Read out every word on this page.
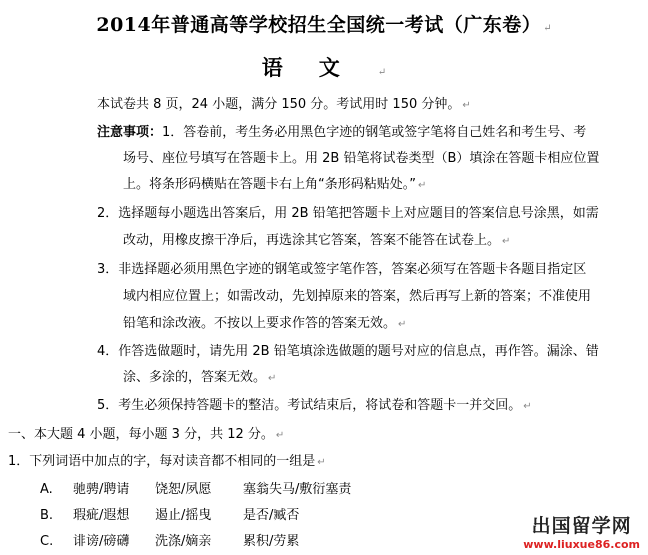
2014年普通高等学校招生全国统一考试（广东卷） ↵
语文 ↵
本试卷共 8 页，24 小题，满分 150 分。考试用时 150 分钟。 ↵
注意事项：1．答卷前，考生务必用黑色字迹的钢笔或签字笔将自己姓名和考生号、考
场号、座位号填写在答题卡上。用 2B 铅笔将试卷类型（B）填涂在答题卡相应位置
上。将条形码横贴在答题卡右上角“条形码粘贴处。” ↵
2．选择题每小题选出答案后，用 2B 铅笔把答题卡上对应题目的答案信息号涂黑，如需
改动，用橡皮擦干净后，再选涂其它答案，答案不能答在试卷上。 ↵
3．非选择题必须用黑色字迹的钢笔或签字笔作答，答案必须写在答题卡各题目指定区
域内相应位置上；如需改动，先划掉原来的答案，然后再写上新的答案；不准使用
铅笔和涂改液。不按以上要求作答的答案无效。 ↵
4．作答选做题时，请先用 2B 铅笔填涂选做题的题号对应的信息点，再作答。漏涂、错
涂、多涂的，答案无效。 ↵
5．考生必须保持答题卡的整洁。考试结束后，将试卷和答题卡一并交回。 ↵
一、本大题 4 小题，每小题 3 分，共 12 分。 ↵
1．下列词语中加点的字，每对读音都不相同的一组是 ↵
A. 驰骋/聘请 饶恕/夙愿 塞翁失马/敷衍塞责
B. 瑕疵/遐想 遏止/摇曳 是否/臧否
C. 诽谤/磅礴 洗涤/嫡亲 累积/劳累
出国留学网
www.liuxue86.com
